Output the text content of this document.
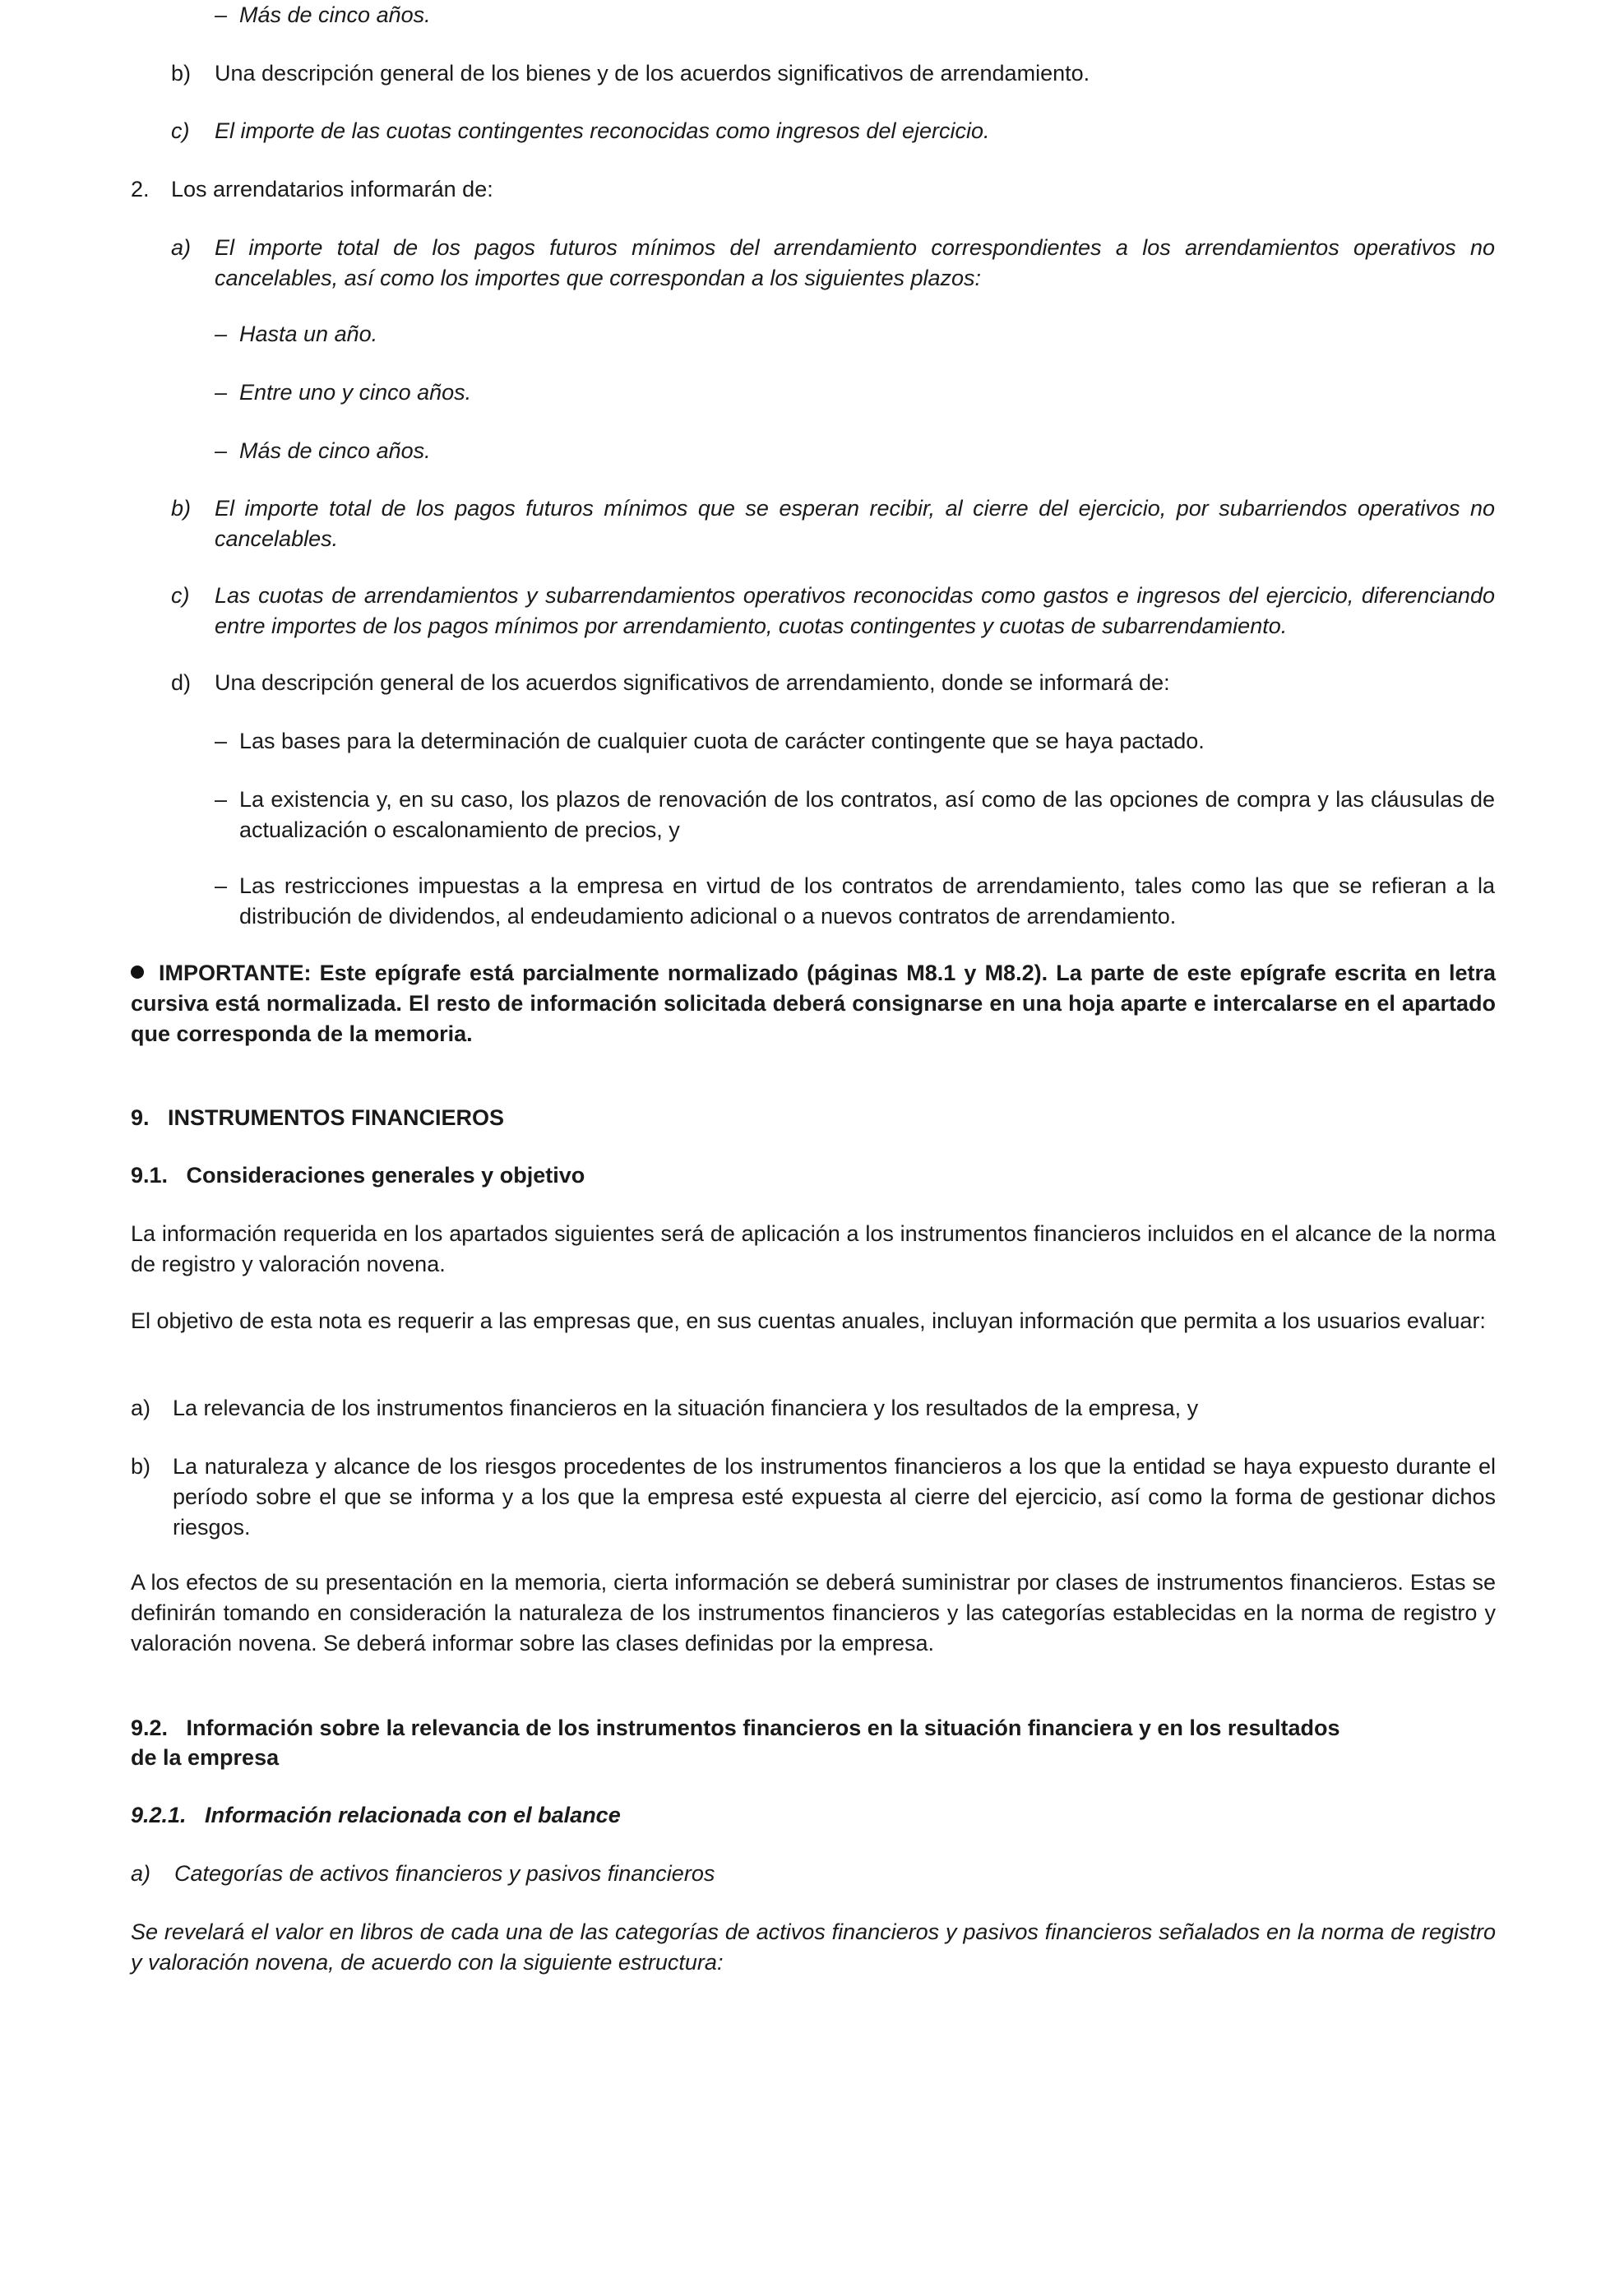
– Más de cinco años.
b)	Una descripción general de los bienes y de los acuerdos significativos de arrendamiento.
c)	El importe de las cuotas contingentes reconocidas como ingresos del ejercicio.
2. Los arrendatarios informarán de:
a)	El importe total de los pagos futuros mínimos del arrendamiento correspondientes a los arrendamientos operativos no cancelables, así como los importes que correspondan a los siguientes plazos:
– Hasta un año.
– Entre uno y cinco años.
– Más de cinco años.
b)	El importe total de los pagos futuros mínimos que se esperan recibir, al cierre del ejercicio, por subarriendos operativos no cancelables.
c)	Las cuotas de arrendamientos y subarrendamientos operativos reconocidas como gastos e ingresos del ejercicio, diferenciando entre importes de los pagos mínimos por arrendamiento, cuotas contingentes y cuotas de subarrendamiento.
d)	Una descripción general de los acuerdos significativos de arrendamiento, donde se informará de:
– Las bases para la determinación de cualquier cuota de carácter contingente que se haya pactado.
– La existencia y, en su caso, los plazos de renovación de los contratos, así como de las opciones de compra y las cláusulas de actualización o escalonamiento de precios, y
– Las restricciones impuestas a la empresa en virtud de los contratos de arrendamiento, tales como las que se refieran a la distribución de dividendos, al endeudamiento adicional o a nuevos contratos de arrendamiento.

IMPORTANTE: Este epígrafe está parcialmente normalizado (páginas M8.1 y M8.2). La parte de este epígrafe escrita en letra cursiva está normalizada. El resto de información solicitada deberá consignarse en una hoja aparte e intercalarse en el apartado que corresponda de la memoria.

9.   INSTRUMENTOS FINANCIEROS

9.1.   Consideraciones generales y objetivo

La información requerida en los apartados siguientes será de aplicación a los instrumentos financieros incluidos en el alcance de la norma de registro y valoración novena.

El objetivo de esta nota es requerir a las empresas que, en sus cuentas anuales, incluyan información que permita a los usuarios evaluar:

a) La relevancia de los instrumentos financieros en la situación financiera y los resultados de la empresa, y
b) La naturaleza y alcance de los riesgos procedentes de los instrumentos financieros a los que la entidad se haya expuesto durante el período sobre el que se informa y a los que la empresa esté expuesta al cierre del ejercicio, así como la forma de gestionar dichos riesgos.

A los efectos de su presentación en la memoria, cierta información se deberá suministrar por clases de instrumentos financieros. Estas se definirán tomando en consideración la naturaleza de los instrumentos financieros y las categorías establecidas en la norma de registro y valoración novena. Se deberá informar sobre las clases definidas por la empresa.

9.2.   Información sobre la relevancia de los instrumentos financieros en la situación financiera y en los resultados

de la empresa

9.2.1.   Información relacionada con el balance

a)	Categorías de activos financieros y pasivos financieros

Se revelará el valor en libros de cada una de las categorías de activos financieros y pasivos financieros señalados en la norma de registro y valoración novena, de acuerdo con la siguiente estructura:
